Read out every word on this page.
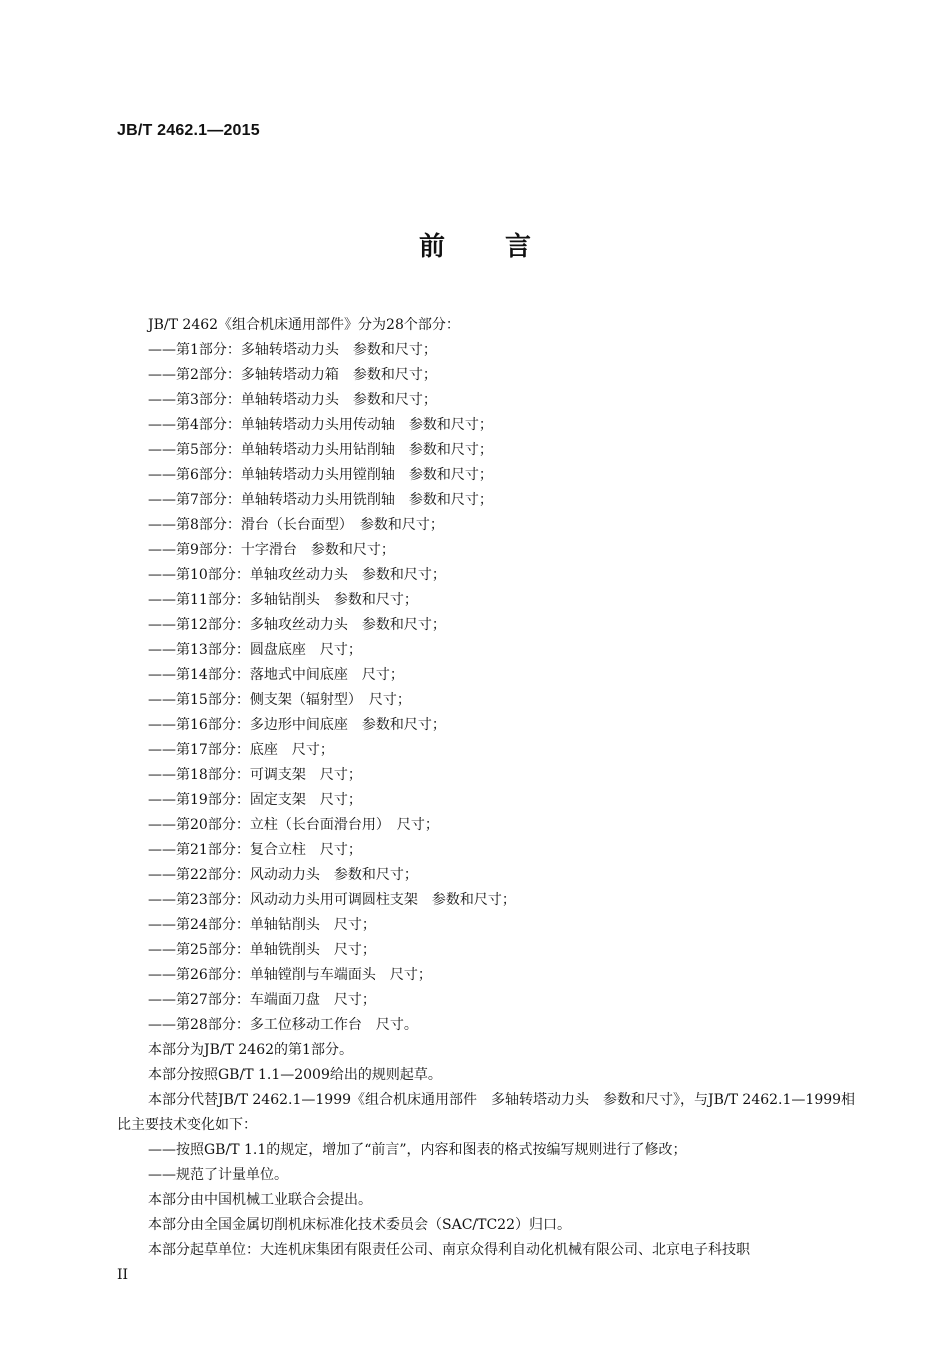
JB/T 2462.1—2015
前言
JB/T 2462《组合机床通用部件》分为28个部分：
——第1部分：多轴转塔动力头　参数和尺寸；
——第2部分：多轴转塔动力箱　参数和尺寸；
——第3部分：单轴转塔动力头　参数和尺寸；
——第4部分：单轴转塔动力头用传动轴　参数和尺寸；
——第5部分：单轴转塔动力头用钻削轴　参数和尺寸；
——第6部分：单轴转塔动力头用镗削轴　参数和尺寸；
——第7部分：单轴转塔动力头用铣削轴　参数和尺寸；
——第8部分：滑台（长台面型）　参数和尺寸；
——第9部分：十字滑台　参数和尺寸；
——第10部分：单轴攻丝动力头　参数和尺寸；
——第11部分：多轴钻削头　参数和尺寸；
——第12部分：多轴攻丝动力头　参数和尺寸；
——第13部分：圆盘底座　尺寸；
——第14部分：落地式中间底座　尺寸；
——第15部分：侧支架（辐射型）　尺寸；
——第16部分：多边形中间底座　参数和尺寸；
——第17部分：底座　尺寸；
——第18部分：可调支架　尺寸；
——第19部分：固定支架　尺寸；
——第20部分：立柱（长台面滑台用）　尺寸；
——第21部分：复合立柱　尺寸；
——第22部分：风动动力头　参数和尺寸；
——第23部分：风动动力头用可调圆柱支架　参数和尺寸；
——第24部分：单轴钻削头　尺寸；
——第25部分：单轴铣削头　尺寸；
——第26部分：单轴镗削与车端面头　尺寸；
——第27部分：车端面刀盘　尺寸；
——第28部分：多工位移动工作台　尺寸。
本部分为JB/T 2462的第1部分。
本部分按照GB/T 1.1—2009给出的规则起草。
本部分代替JB/T 2462.1—1999《组合机床通用部件　多轴转塔动力头　参数和尺寸》，与JB/T 2462.1—1999相比主要技术变化如下：
——按照GB/T 1.1的规定，增加了“前言”，内容和图表的格式按编写规则进行了修改；
——规范了计量单位。
本部分由中国机械工业联合会提出。
本部分由全国金属切削机床标准化技术委员会（SAC/TC22）归口。
本部分起草单位：大连机床集团有限责任公司、南京众得利自动化机械有限公司、北京电子科技职
II
